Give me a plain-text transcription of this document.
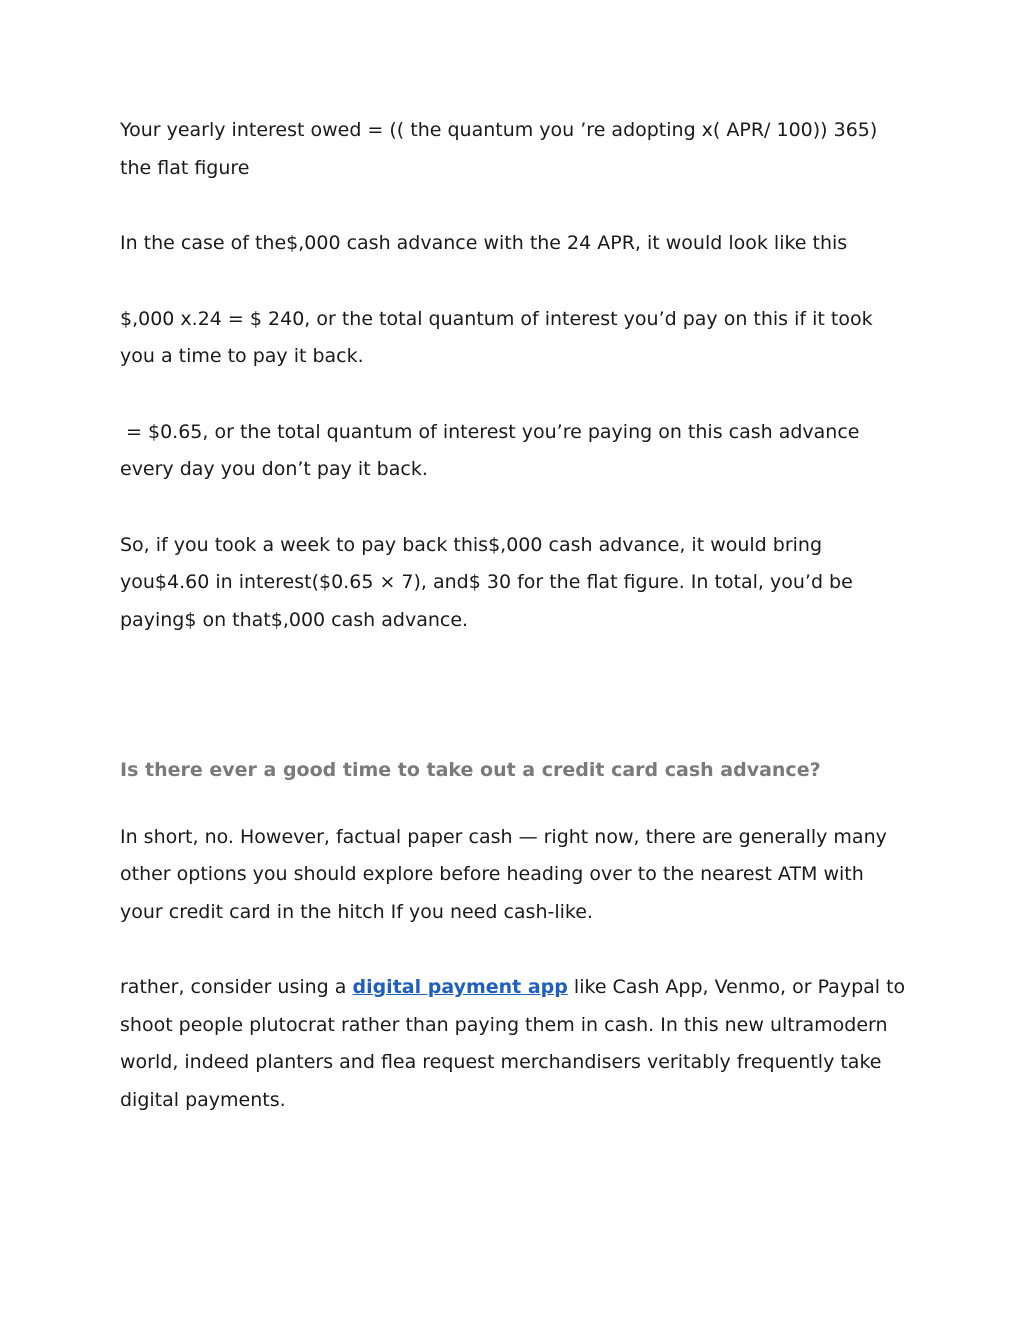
Your yearly interest owed = (( the quantum you ’re adopting x( APR/ 100)) 365) the flat figure

In the case of the$,000 cash advance with the 24 APR, it would look like this

$,000 x.24 = $ 240, or the total quantum of interest you’d pay on this if it took you a time to pay it back.

= $0.65, or the total quantum of interest you’re paying on this cash advance every day you don’t pay it back.

So, if you took a week to pay back this$,000 cash advance, it would bring you$4.60 in interest($0.65 × 7), and$ 30 for the flat figure. In total, you’d be paying$ on that$,000 cash advance.

Is there ever a good time to take out a credit card cash advance?

In short, no. However, factual paper cash — right now, there are generally many other options you should explore before heading over to the nearest ATM with your credit card in the hitch If you need cash-like.

rather, consider using a digital payment app like Cash App, Venmo, or Paypal to shoot people plutocrat rather than paying them in cash. In this new ultramodern world, indeed planters and flea request merchandisers veritably frequently take digital payments.
